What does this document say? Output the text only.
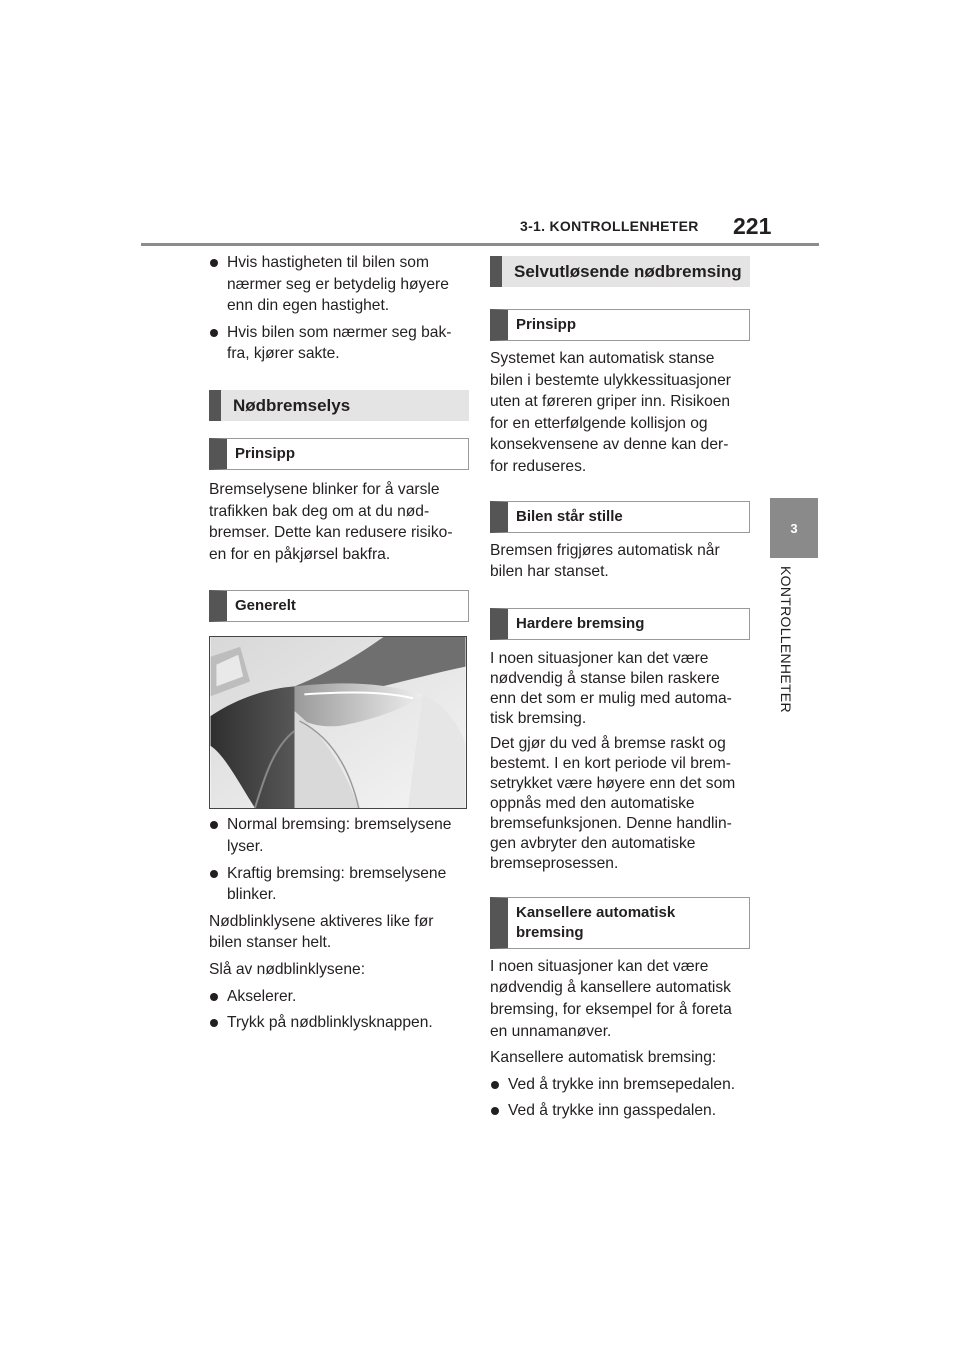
3-1. KONTROLLENHETER 221
3
KONTROLLENHETER
Hvis hastigheten til bilen som
nærmer seg er betydelig høyere
enn din egen hastighet.
Hvis bilen som nærmer seg bak-
fra, kjører sakte.
Nødbremselys
Prinsipp
Bremselysene blinker for å varsle
trafikken bak deg om at du nød-
bremser. Dette kan redusere risiko-
en for en påkjørsel bakfra.
Generelt
Normal bremsing: bremselysene
lyser.
Kraftig bremsing: bremselysene
blinker.
Nødblinklysene aktiveres like før
bilen stanser helt.
Slå av nødblinklysene:
Akselerer.
Trykk på nødblinklysknappen.
Selvutløsende nødbremsing
Prinsipp
Systemet kan automatisk stanse
bilen i bestemte ulykkessituasjoner
uten at føreren griper inn. Risikoen
for en etterfølgende kollisjon og
konsekvensene av denne kan der-
for reduseres.
Bilen står stille
Bremsen frigjøres automatisk når
bilen har stanset.
Hardere bremsing
I noen situasjoner kan det være
nødvendig å stanse bilen raskere
enn det som er mulig med automa-
tisk bremsing.
Det gjør du ved å bremse raskt og
bestemt. I en kort periode vil brem-
setrykket være høyere enn det som
oppnås med den automatiske
bremsefunksjonen. Denne handlin-
gen avbryter den automatiske
bremseprosessen.
Kansellere automatisk
bremsing
I noen situasjoner kan det være
nødvendig å kansellere automatisk
bremsing, for eksempel for å foreta
en unnamanøver.
Kansellere automatisk bremsing:
Ved å trykke inn bremsepedalen.
Ved å trykke inn gasspedalen.
